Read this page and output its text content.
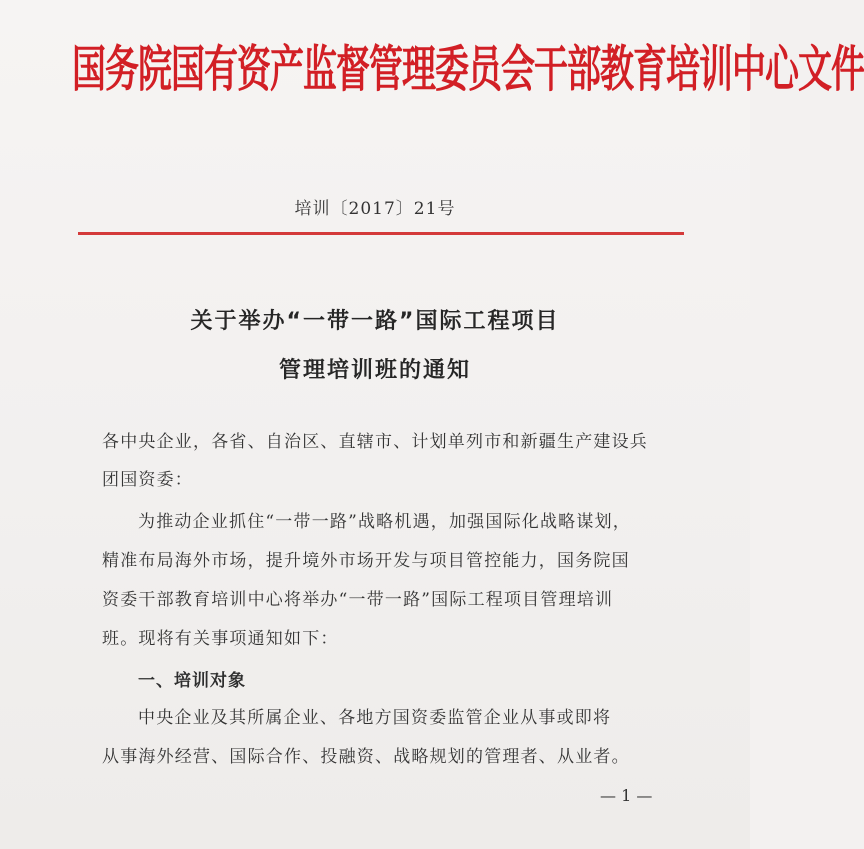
国务院国有资产监督管理委员会干部教育培训中心文件
培训〔2017〕21号
关于举办“一带一路”国际工程项目
管理培训班的通知
各中央企业，各省、自治区、直辖市、计划单列市和新疆生产建设兵
团国资委：
为推动企业抓住“一带一路”战略机遇，加强国际化战略谋划，
精准布局海外市场，提升境外市场开发与项目管控能力，国务院国
资委干部教育培训中心将举办“一带一路”国际工程项目管理培训
班。现将有关事项通知如下：
一、培训对象
中央企业及其所属企业、各地方国资委监管企业从事或即将
从事海外经营、国际合作、投融资、战略规划的管理者、从业者。
— 1 —
